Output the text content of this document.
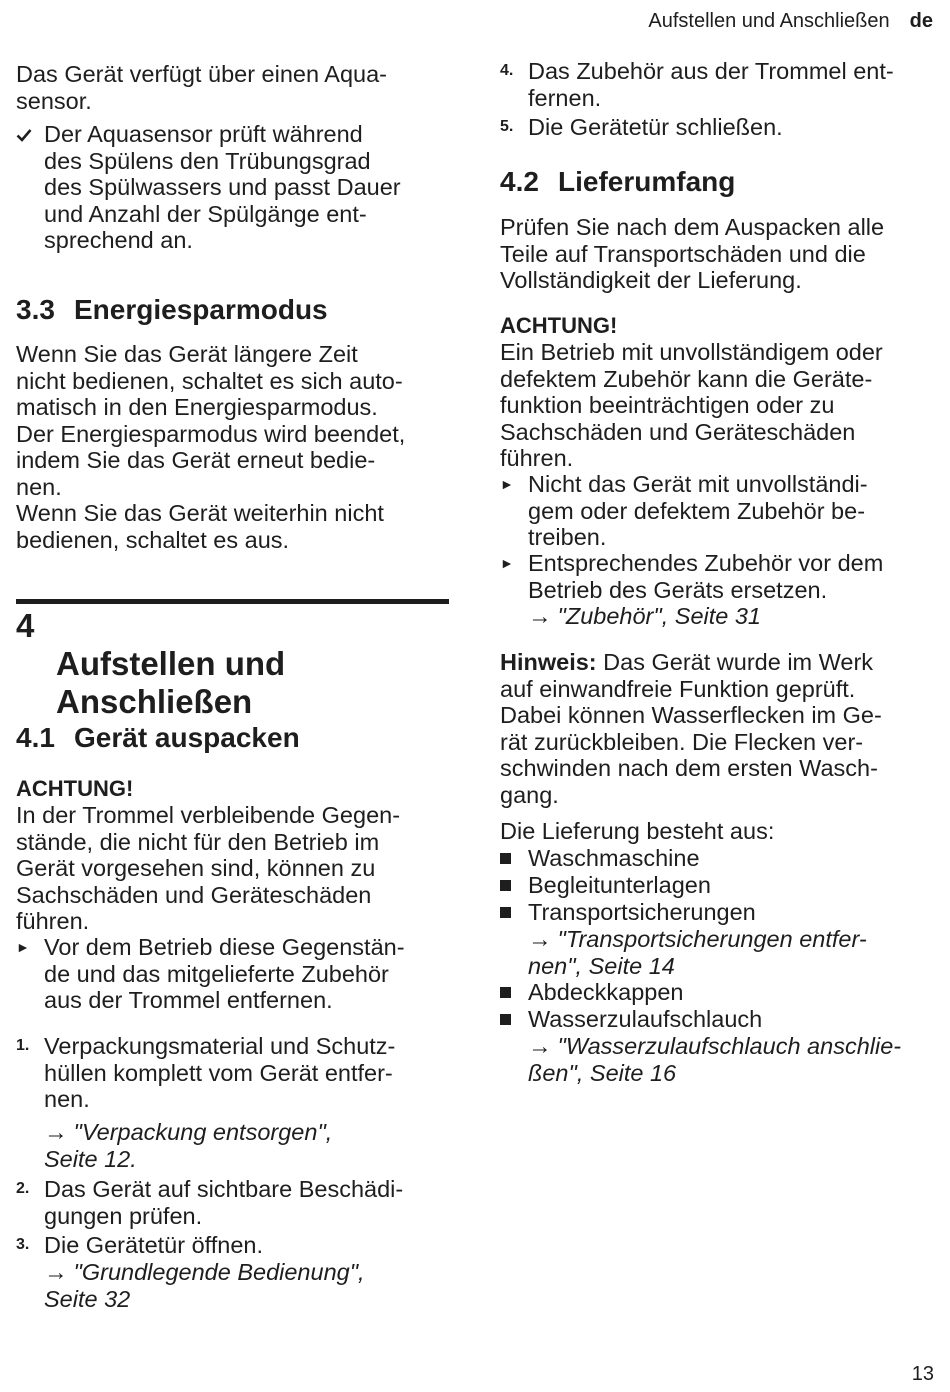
Aufstellen und Anschließen de

Das Gerät verfügt über einen Aqua-
sensor.

Der Aquasensor prüft während
des Spülens den Trübungsgrad
des Spülwassers und passt Dauer
und Anzahl der Spülgänge ent-
sprechend an.
3.3 Energiesparmodus

Wenn Sie das Gerät längere Zeit
nicht bedienen, schaltet es sich auto-
matisch in den Energiesparmodus.
Der Energiesparmodus wird beendet,
indem Sie das Gerät erneut bedie-
nen.
Wenn Sie das Gerät weiterhin nicht
bedienen, schaltet es aus.

4
Aufstellen und
Anschließen

4.1 Gerät auspacken

ACHTUNG!

In der Trommel verbleibende Gegen-
stände, die nicht für den Betrieb im
Gerät vorgesehen sind, können zu
Sachschäden und Geräteschäden
führen.

► Vor dem Betrieb diese Gegenstän-
de und das mitgelieferte Zubehör
aus der Trommel entfernen.
1. Verpackungsmaterial und Schutz-
hüllen komplett vom Gerät entfer-
nen.
→ "Verpackung entsorgen",
Seite 12.
2. Das Gerät auf sichtbare Beschädi-
gungen prüfen.
3. Die Gerätetür öffnen.
→ "Grundlegende Bedienung",
Seite 32
4. Das Zubehör aus der Trommel ent-
fernen.
5. Die Gerätetür schließen.
4.2 Lieferumfang

Prüfen Sie nach dem Auspacken alle
Teile auf Transportschäden und die
Vollständigkeit der Lieferung.

ACHTUNG!

Ein Betrieb mit unvollständigem oder
defektem Zubehör kann die Geräte-
funktion beeinträchtigen oder zu
Sachschäden und Geräteschäden
führen.

► Nicht das Gerät mit unvollständi-
gem oder defektem Zubehör be-
treiben.
► Entsprechendes Zubehör vor dem
Betrieb des Geräts ersetzen.
→ "Zubehör", Seite 31

Hinweis: Das Gerät wurde im Werk
auf einwandfreie Funktion geprüft.
Dabei können Wasserflecken im Ge-
rät zurückbleiben. Die Flecken ver-
schwinden nach dem ersten Wasch-
gang.

Die Lieferung besteht aus:

Waschmaschine
Begleitunterlagen
Transportsicherungen
→ "Transportsicherungen entfer-
nen", Seite 14
Abdeckkappen
Wasserzulaufschlauch
→ "Wasserzulaufschlauch anschlie-
ßen", Seite 16
13
